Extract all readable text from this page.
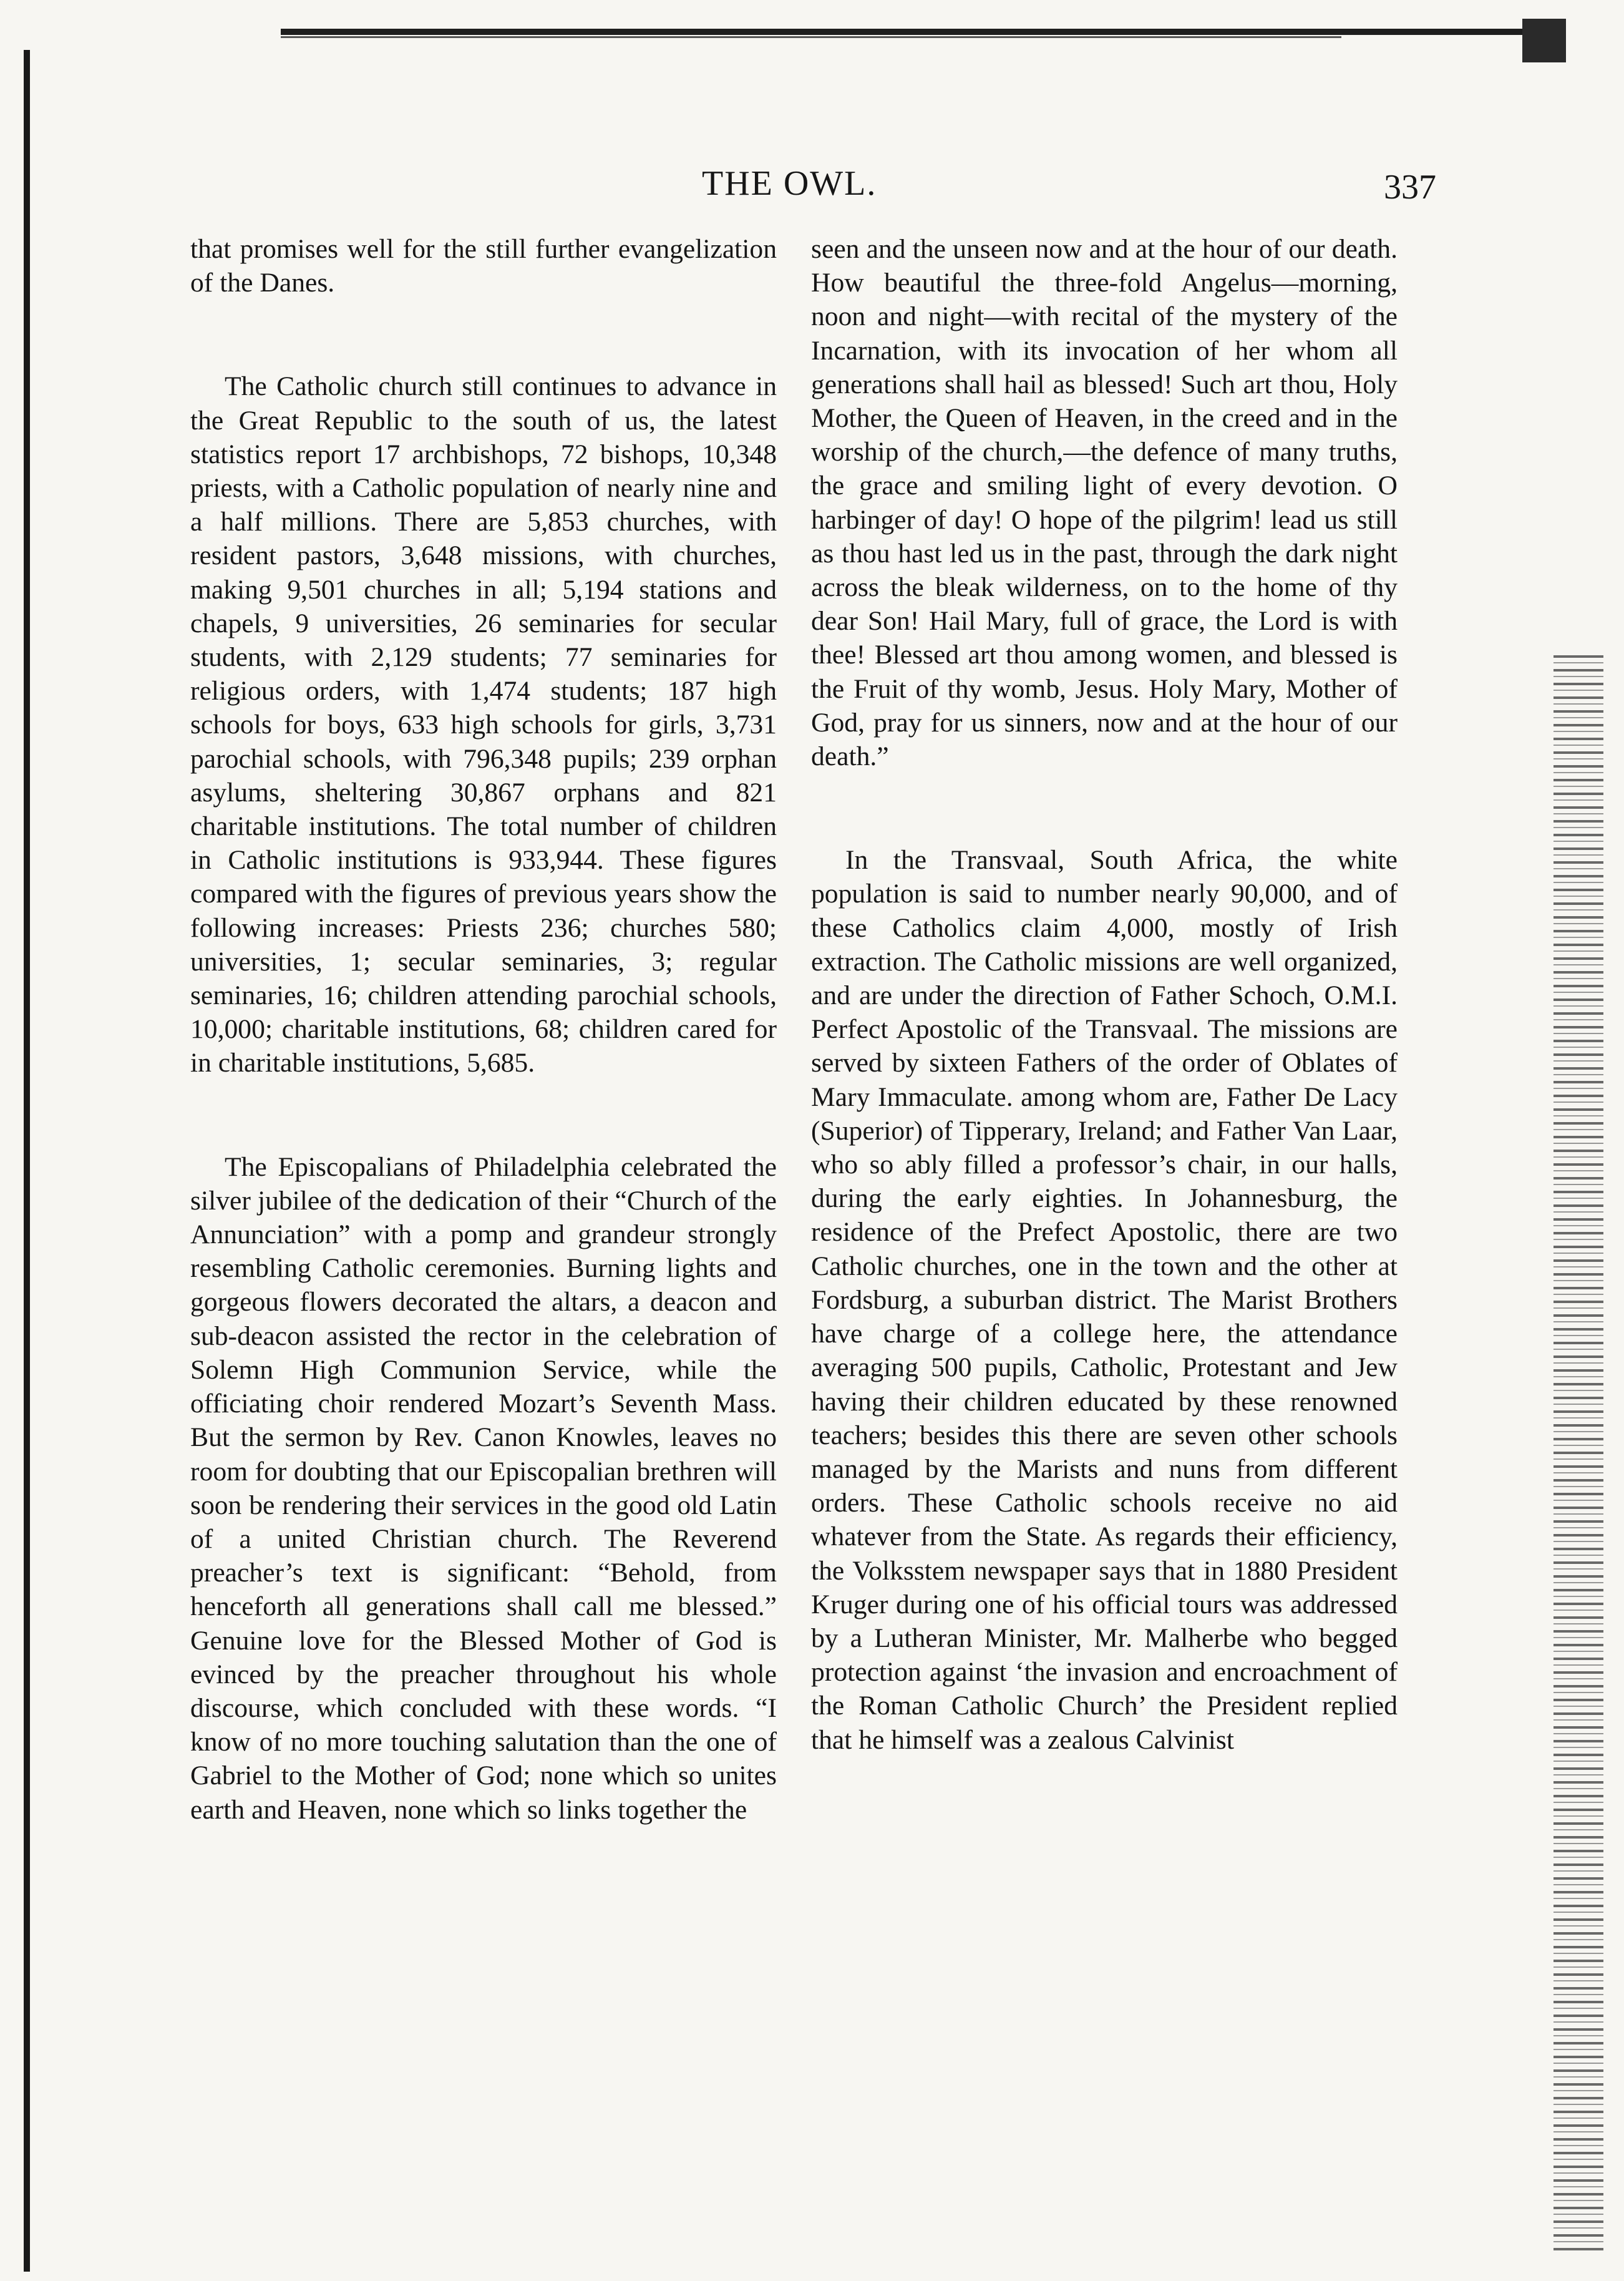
THE OWL.	337

that promises well for the still further evangelization of the Danes.

The Catholic church still continues to advance in the Great Republic to the south of us, the latest statistics report 17 archbishops, 72 bishops, 10,348 priests, with a Catholic population of nearly nine and a half millions. There are 5,853 churches, with resident pastors, 3,648 missions, with churches, making 9,501 churches in all; 5,194 stations and chapels, 9 universities, 26 seminaries for secular students, with 2,129 students; 77 seminaries for religious orders, with 1,474 students; 187 high schools for boys, 633 high schools for girls, 3,731 parochial schools, with 796,348 pupils; 239 orphan asylums, sheltering 30,867 orphans and 821 charitable institutions. The total number of children in Catholic institutions is 933,944. These figures compared with the figures of previous years show the following increases: Priests 236; churches 580; universities, 1; secular seminaries, 3; regular seminaries, 16; children attending parochial schools, 10,000; charitable institutions, 68; children cared for in charitable institutions, 5,685.

The Episcopalians of Philadelphia celebrated the silver jubilee of the dedication of their “Church of the Annunciation” with a pomp and grandeur strongly resembling Catholic ceremonies. Burning lights and gorgeous flowers decorated the altars, a deacon and sub-deacon assisted the rector in the celebration of Solemn High Communion Service, while the officiating choir rendered Mozart’s Seventh Mass. But the sermon by Rev. Canon Knowles, leaves no room for doubting that our Episcopalian brethren will soon be rendering their services in the good old Latin of a united Christian church. The Reverend preacher’s text is significant: “Behold, from henceforth all generations shall call me blessed.” Genuine love for the Blessed Mother of God is evinced by the preacher throughout his whole discourse, which concluded with these words. “I know of no more touching salutation than the one of Gabriel to the Mother of God; none which so unites earth and Heaven, none which so links together the

seen and the unseen now and at the hour of our death. How beautiful the three-fold Angelus—morning, noon and night—with recital of the mystery of the Incarnation, with its invocation of her whom all generations shall hail as blessed! Such art thou, Holy Mother, the Queen of Heaven, in the creed and in the worship of the church,—the defence of many truths, the grace and smiling light of every devotion. O harbinger of day! O hope of the pilgrim! lead us still as thou hast led us in the past, through the dark night across the bleak wilderness, on to the home of thy dear Son! Hail Mary, full of grace, the Lord is with thee! Blessed art thou among women, and blessed is the Fruit of thy womb, Jesus. Holy Mary, Mother of God, pray for us sinners, now and at the hour of our death.”

In the Transvaal, South Africa, the white population is said to number nearly 90,000, and of these Catholics claim 4,000, mostly of Irish extraction. The Catholic missions are well organized, and are under the direction of Father Schoch, O.M.I. Perfect Apostolic of the Transvaal. The missions are served by sixteen Fathers of the order of Oblates of Mary Immaculate. among whom are, Father De Lacy (Superior) of Tipperary, Ireland; and Father Van Laar, who so ably filled a professor’s chair, in our halls, during the early eighties. In Johannesburg, the residence of the Prefect Apostolic, there are two Catholic churches, one in the town and the other at Fordsburg, a suburban district. The Marist Brothers have charge of a college here, the attendance averaging 500 pupils, Catholic, Protestant and Jew having their children educated by these renowned teachers; besides this there are seven other schools managed by the Marists and nuns from different orders. These Catholic schools receive no aid whatever from the State. As regards their efficiency, the Volksstem newspaper says that in 1880 President Kruger during one of his official tours was addressed by a Lutheran Minister, Mr. Malherbe who begged protection against ‘the invasion and encroachment of the Roman Catholic Church’ the President replied that he himself was a zealous Calvinist
